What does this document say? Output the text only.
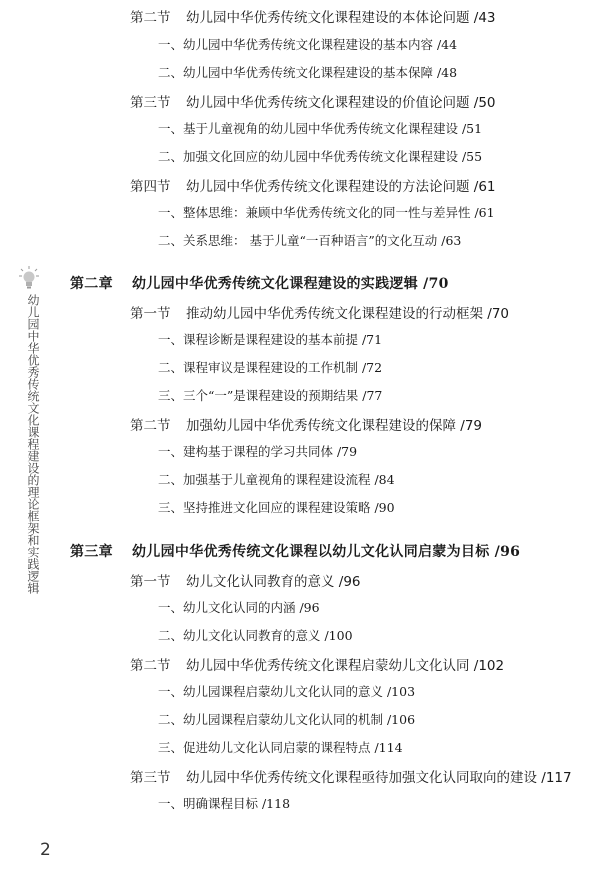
幼儿园中华优秀传统文化课程建设的理论框架和实践逻辑
第二节 幼儿园中华优秀传统文化课程建设的本体论问题 /43
一、幼儿园中华优秀传统文化课程建设的基本内容 /44
二、幼儿园中华优秀传统文化课程建设的基本保障 /48
第三节 幼儿园中华优秀传统文化课程建设的价值论问题 /50
一、基于儿童视角的幼儿园中华优秀传统文化课程建设 /51
二、加强文化回应的幼儿园中华优秀传统文化课程建设 /55
第四节 幼儿园中华优秀传统文化课程建设的方法论问题 /61
一、整体思维：兼顾中华优秀传统文化的同一性与差异性 /61
二、关系思维： 基于儿童“一百种语言”的文化互动 /63
第二章 幼儿园中华优秀传统文化课程建设的实践逻辑 /70
第一节 推动幼儿园中华优秀传统文化课程建设的行动框架 /70
一、课程诊断是课程建设的基本前提 /71
二、课程审议是课程建设的工作机制 /72
三、三个“一”是课程建设的预期结果 /77
第二节 加强幼儿园中华优秀传统文化课程建设的保障 /79
一、建构基于课程的学习共同体 /79
二、加强基于儿童视角的课程建设流程 /84
三、坚持推进文化回应的课程建设策略 /90
第三章 幼儿园中华优秀传统文化课程以幼儿文化认同启蒙为目标 /96
第一节 幼儿文化认同教育的意义 /96
一、幼儿文化认同的内涵 /96
二、幼儿文化认同教育的意义 /100
第二节 幼儿园中华优秀传统文化课程启蒙幼儿文化认同 /102
一、幼儿园课程启蒙幼儿文化认同的意义 /103
二、幼儿园课程启蒙幼儿文化认同的机制 /106
三、促进幼儿文化认同启蒙的课程特点 /114
第三节 幼儿园中华优秀传统文化课程亟待加强文化认同取向的建设 /117
一、明确课程目标 /118
2
